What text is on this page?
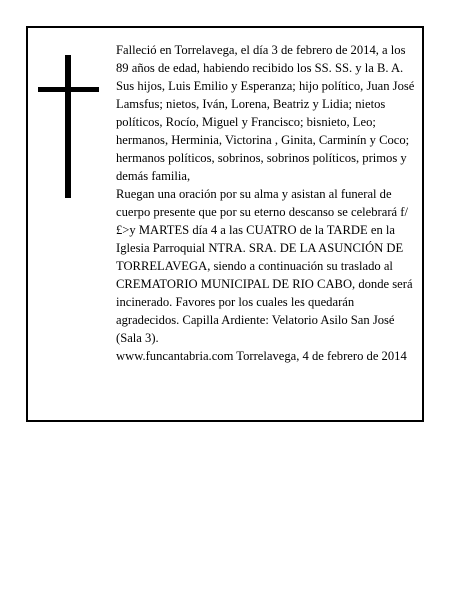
Falleció en Torrelavega, el día 3 de febrero de 2014, a los 89 años de edad, habiendo recibido los SS. SS. y la B. A.

Sus hijos, Luis Emilio y Esperanza; hijo político, Juan José Lamsfus; nietos, Iván, Lorena, Beatriz y Lidia; nietos políticos, Rocío, Miguel y Francisco; bisnieto, Leo; hermanos, Herminia, Victorina , Ginita, Carminín y Coco; hermanos políticos, sobrinos, sobrinos políticos, primos y demás familia,

Ruegan una oración por su alma y asistan al funeral de cuerpo presente que por su eterno descanso se celebrará f/£>y MARTES día 4 a las CUATRO de la TARDE en la Iglesia Parroquial NTRA. SRA. DE LA ASUNCIÓN DE TORRELAVEGA, siendo a continuación su traslado al CREMATORIO MUNICIPAL DE RIO CABO, donde será incinerado. Favores por los cuales les quedarán agradecidos. Capilla Ardiente: Velatorio Asilo San José (Sala 3).

www.funcantabria.com Torrelavega, 4 de febrero de 2014
